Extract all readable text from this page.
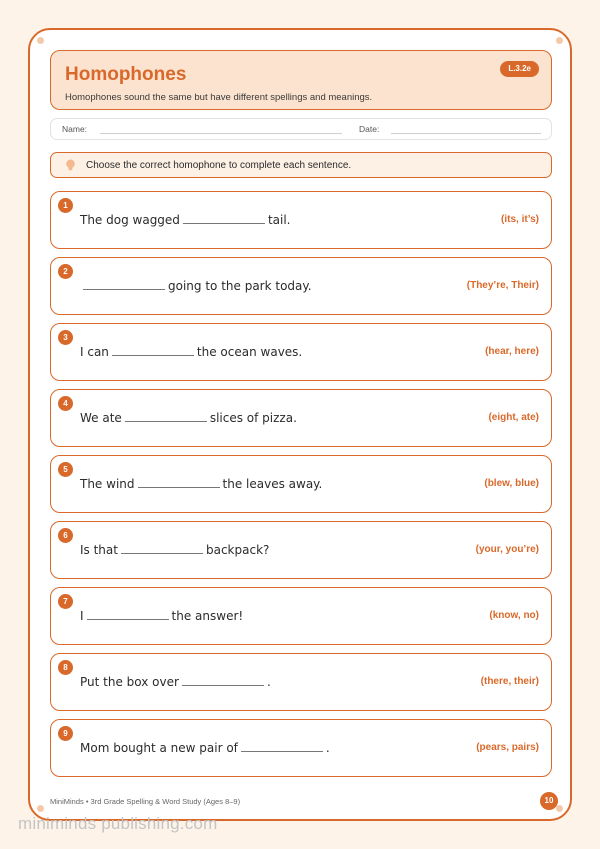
Homophones
Homophones sound the same but have different spellings and meanings.
L.3.2e
Name:	Date:
Choose the correct homophone to complete each sentence.
1
The dog wagged	tail.	(its, it’s)
2
going to the park today.	(They’re, Their)
3
I can	the ocean waves.	(hear, here)
4
We ate	slices of pizza.	(eight, ate)
5
The wind	the leaves away.	(blew, blue)
6
Is that	backpack?	(your, you’re)
7
I	the answer!	(know, no)
8
Put the box over	.	(there, their)
9
Mom bought a new pair of	.	(pears, pairs)
MiniMinds • 3rd Grade Spelling & Word Study (Ages 8–9)	10
miniminds publishing.com
